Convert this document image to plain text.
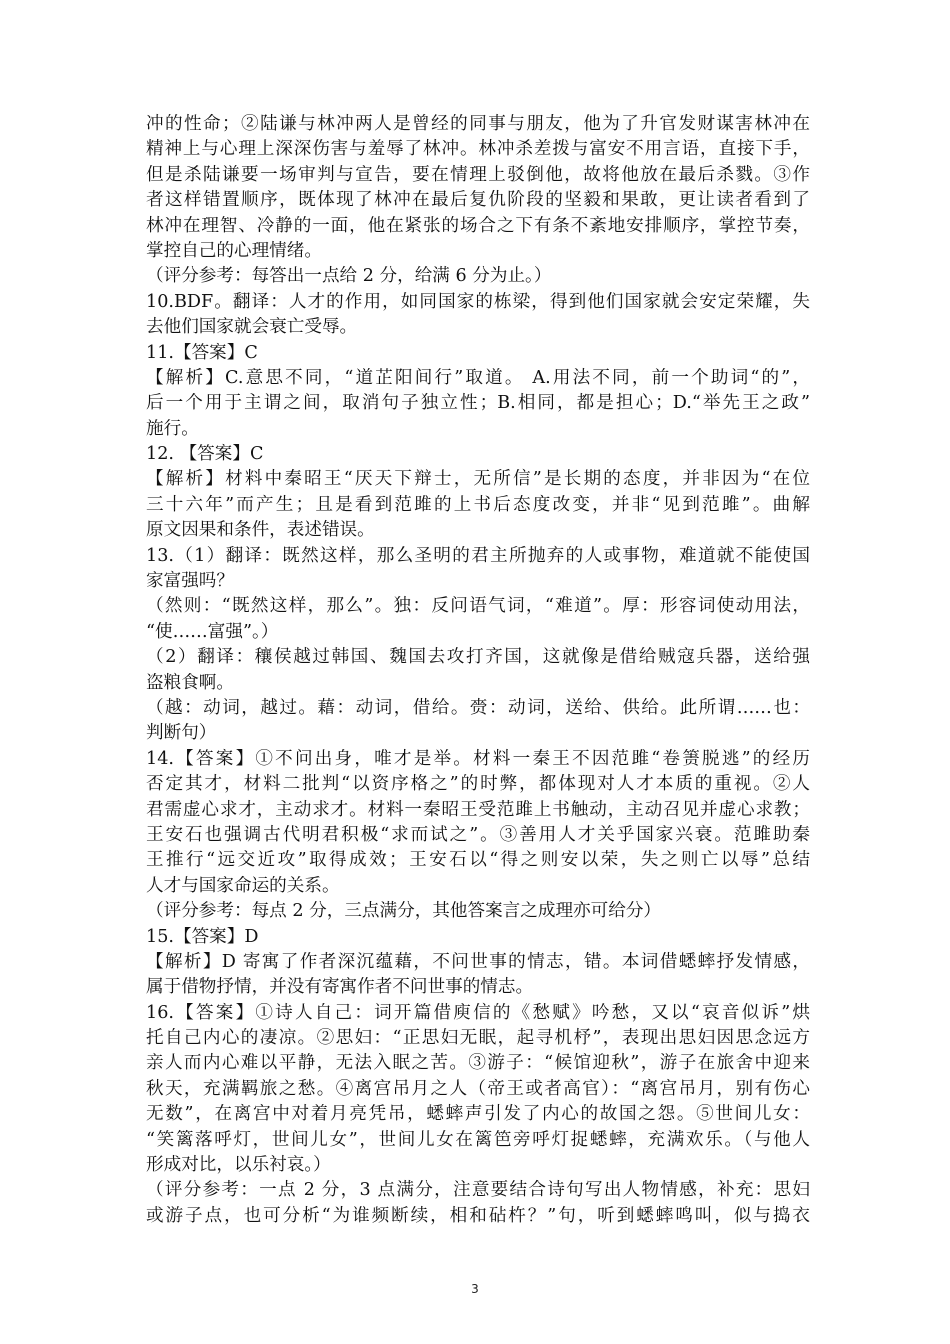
冲的性命；②陆谦与林冲两人是曾经的同事与朋友，他为了升官发财谋害林冲在
精神上与心理上深深伤害与羞辱了林冲。林冲杀差拨与富安不用言语，直接下手，
但是杀陆谦要一场审判与宣告，要在情理上驳倒他，故将他放在最后杀戮。③作
者这样错置顺序，既体现了林冲在最后复仇阶段的坚毅和果敢，更让读者看到了
林冲在理智、冷静的一面，他在紧张的场合之下有条不紊地安排顺序，掌控节奏，
掌控自己的心理情绪。
（评分参考：每答出一点给 2 分，给满 6 分为止。）
10.BDF。翻译：人才的作用，如同国家的栋梁，得到他们国家就会安定荣耀，失
去他们国家就会衰亡受辱。
11.【答案】C
【解析】C.意思不同，“道芷阳间行”取道。 A.用法不同，前一个助词“的”，
后一个用于主谓之间，取消句子独立性；B.相同，都是担心；D.“举先王之政”
施行。
12. 【答案】C
【解析】材料中秦昭王“厌天下辩士，无所信”是长期的态度，并非因为“在位
三十六年”而产生；且是看到范雎的上书后态度改变，并非“见到范雎”。曲解
原文因果和条件，表述错误。
13.（1）翻译：既然这样，那么圣明的君主所抛弃的人或事物，难道就不能使国
家富强吗？
（然则：“既然这样，那么”。独：反问语气词，“难道”。厚：形容词使动用法，
“使……富强”。）
（2）翻译：穰侯越过韩国、魏国去攻打齐国，这就像是借给贼寇兵器，送给强
盗粮食啊。
（越：动词，越过。藉：动词，借给。赍：动词，送给、供给。此所谓……也：
判断句）
14.【答案】①不问出身，唯才是举。材料一秦王不因范雎“卷箦脱逃”的经历
否定其才，材料二批判“以资序格之”的时弊，都体现对人才本质的重视。②人
君需虚心求才，主动求才。材料一秦昭王受范雎上书触动，主动召见并虚心求教；
王安石也强调古代明君积极“求而试之”。③善用人才关乎国家兴衰。范雎助秦
王推行“远交近攻”取得成效；王安石以“得之则安以荣，失之则亡以辱”总结
人才与国家命运的关系。
（评分参考：每点 2 分，三点满分，其他答案言之成理亦可给分）
15.【答案】D
【解析】D 寄寓了作者深沉蕴藉，不问世事的情志，错。本词借蟋蟀抒发情感，
属于借物抒情，并没有寄寓作者不问世事的情志。
16.【答案】①诗人自己：词开篇借庾信的《愁赋》吟愁，又以“哀音似诉”烘
托自己内心的凄凉。②思妇：“正思妇无眠，起寻机杼”，表现出思妇因思念远方
亲人而内心难以平静，无法入眠之苦。③游子：“候馆迎秋”，游子在旅舍中迎来
秋天，充满羁旅之愁。④离宫吊月之人（帝王或者高官）：“离宫吊月，别有伤心
无数”，在离宫中对着月亮凭吊，蟋蟀声引发了内心的故国之怨。⑤世间儿女：
“笑篱落呼灯，世间儿女”，世间儿女在篱笆旁呼灯捉蟋蟀，充满欢乐。（与他人
形成对比，以乐衬哀。）
（评分参考：一点 2 分，3 点满分，注意要结合诗句写出人物情感，补充：思妇
或游子点，也可分析“为谁频断续，相和砧杵？”句，听到蟋蟀鸣叫，似与捣衣
3
